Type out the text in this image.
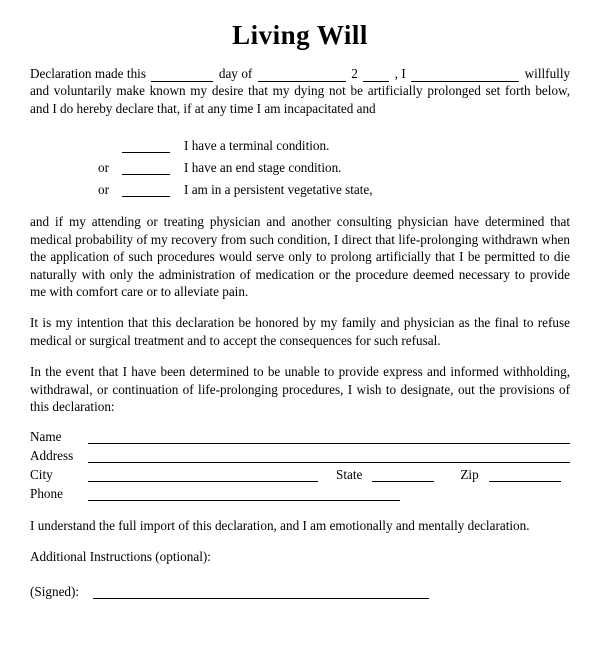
Living Will

Declaration made this	day of	2	, I	willfully and voluntarily make known my desire that my dying not be artificially prolonged set forth below, and I do hereby declare that, if at any time I am incapacitated and

I have a terminal condition.
or	I have an end stage condition.
or	I am in a persistent vegetative state,

and if my attending or treating physician and another consulting physician have determined that medical probability of my recovery from such condition, I direct that life-prolonging withdrawn when the application of such procedures would serve only to prolong artificially that I be permitted to die naturally with only the administration of medication or the procedure deemed necessary to provide me with comfort care or to alleviate pain.

It is my intention that this declaration be honored by my family and physician as the final to refuse medical or surgical treatment and to accept the consequences for such refusal.

In the event that I have been determined to be unable to provide express and informed withholding, withdrawal, or continuation of life-prolonging procedures, I wish to designate, out the provisions of this declaration:

Name
Address
City	State	Zip
Phone

I understand the full import of this declaration, and I am emotionally and mentally declaration.

Additional Instructions (optional):

(Signed):
